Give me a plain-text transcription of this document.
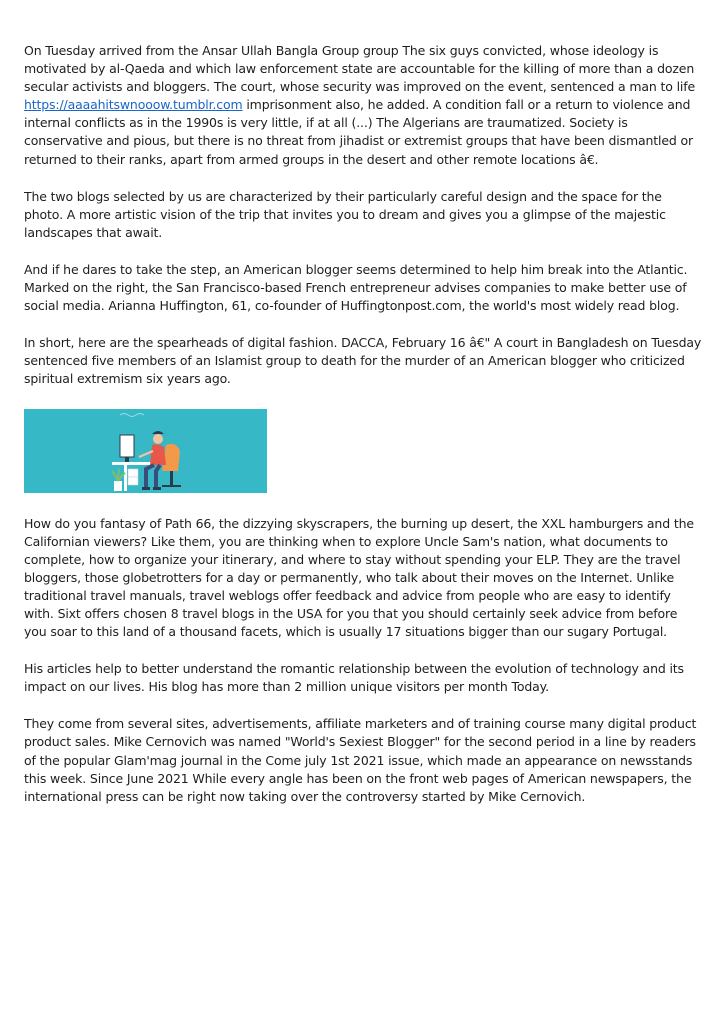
On Tuesday arrived from the Ansar Ullah Bangla Group group The six guys convicted, whose ideology is motivated by al-Qaeda and which law enforcement state are accountable for the killing of more than a dozen secular activists and bloggers. The court, whose security was improved on the event, sentenced a man to life https://aaaahitswnooow.tumblr.com imprisonment also, he added. A condition fall or a return to violence and internal conflicts as in the 1990s is very little, if at all (...) The Algerians are traumatized. Society is conservative and pious, but there is no threat from jihadist or extremist groups that have been dismantled or returned to their ranks, apart from armed groups in the desert and other remote locations â€.

The two blogs selected by us are characterized by their particularly careful design and the space for the photo. A more artistic vision of the trip that invites you to dream and gives you a glimpse of the majestic landscapes that await.

And if he dares to take the step, an American blogger seems determined to help him break into the Atlantic. Marked on the right, the San Francisco-based French entrepreneur advises companies to make better use of social media. Arianna Huffington, 61, co-founder of Huffingtonpost.com, the world's most widely read blog.

In short, here are the spearheads of digital fashion. DACCA, February 16 â€" A court in Bangladesh on Tuesday sentenced five members of an Islamist group to death for the murder of an American blogger who criticized spiritual extremism six years ago.

How do you fantasy of Path 66, the dizzying skyscrapers, the burning up desert, the XXL hamburgers and the Californian viewers? Like them, you are thinking when to explore Uncle Sam's nation, what documents to complete, how to organize your itinerary, and where to stay without spending your ELP. They are the travel bloggers, those globetrotters for a day or permanently, who talk about their moves on the Internet. Unlike traditional travel manuals, travel weblogs offer feedback and advice from people who are easy to identify with. Sixt offers chosen 8 travel blogs in the USA for you that you should certainly seek advice from before you soar to this land of a thousand facets, which is usually 17 situations bigger than our sugary Portugal.

His articles help to better understand the romantic relationship between the evolution of technology and its impact on our lives. His blog has more than 2 million unique visitors per month Today.

They come from several sites, advertisements, affiliate marketers and of training course many digital product product sales. Mike Cernovich was named "World's Sexiest Blogger" for the second period in a line by readers of the popular Glam'mag journal in the Come july 1st 2021 issue, which made an appearance on newsstands this week. Since June 2021 While every angle has been on the front web pages of American newspapers, the international press can be right now taking over the controversy started by Mike Cernovich.
